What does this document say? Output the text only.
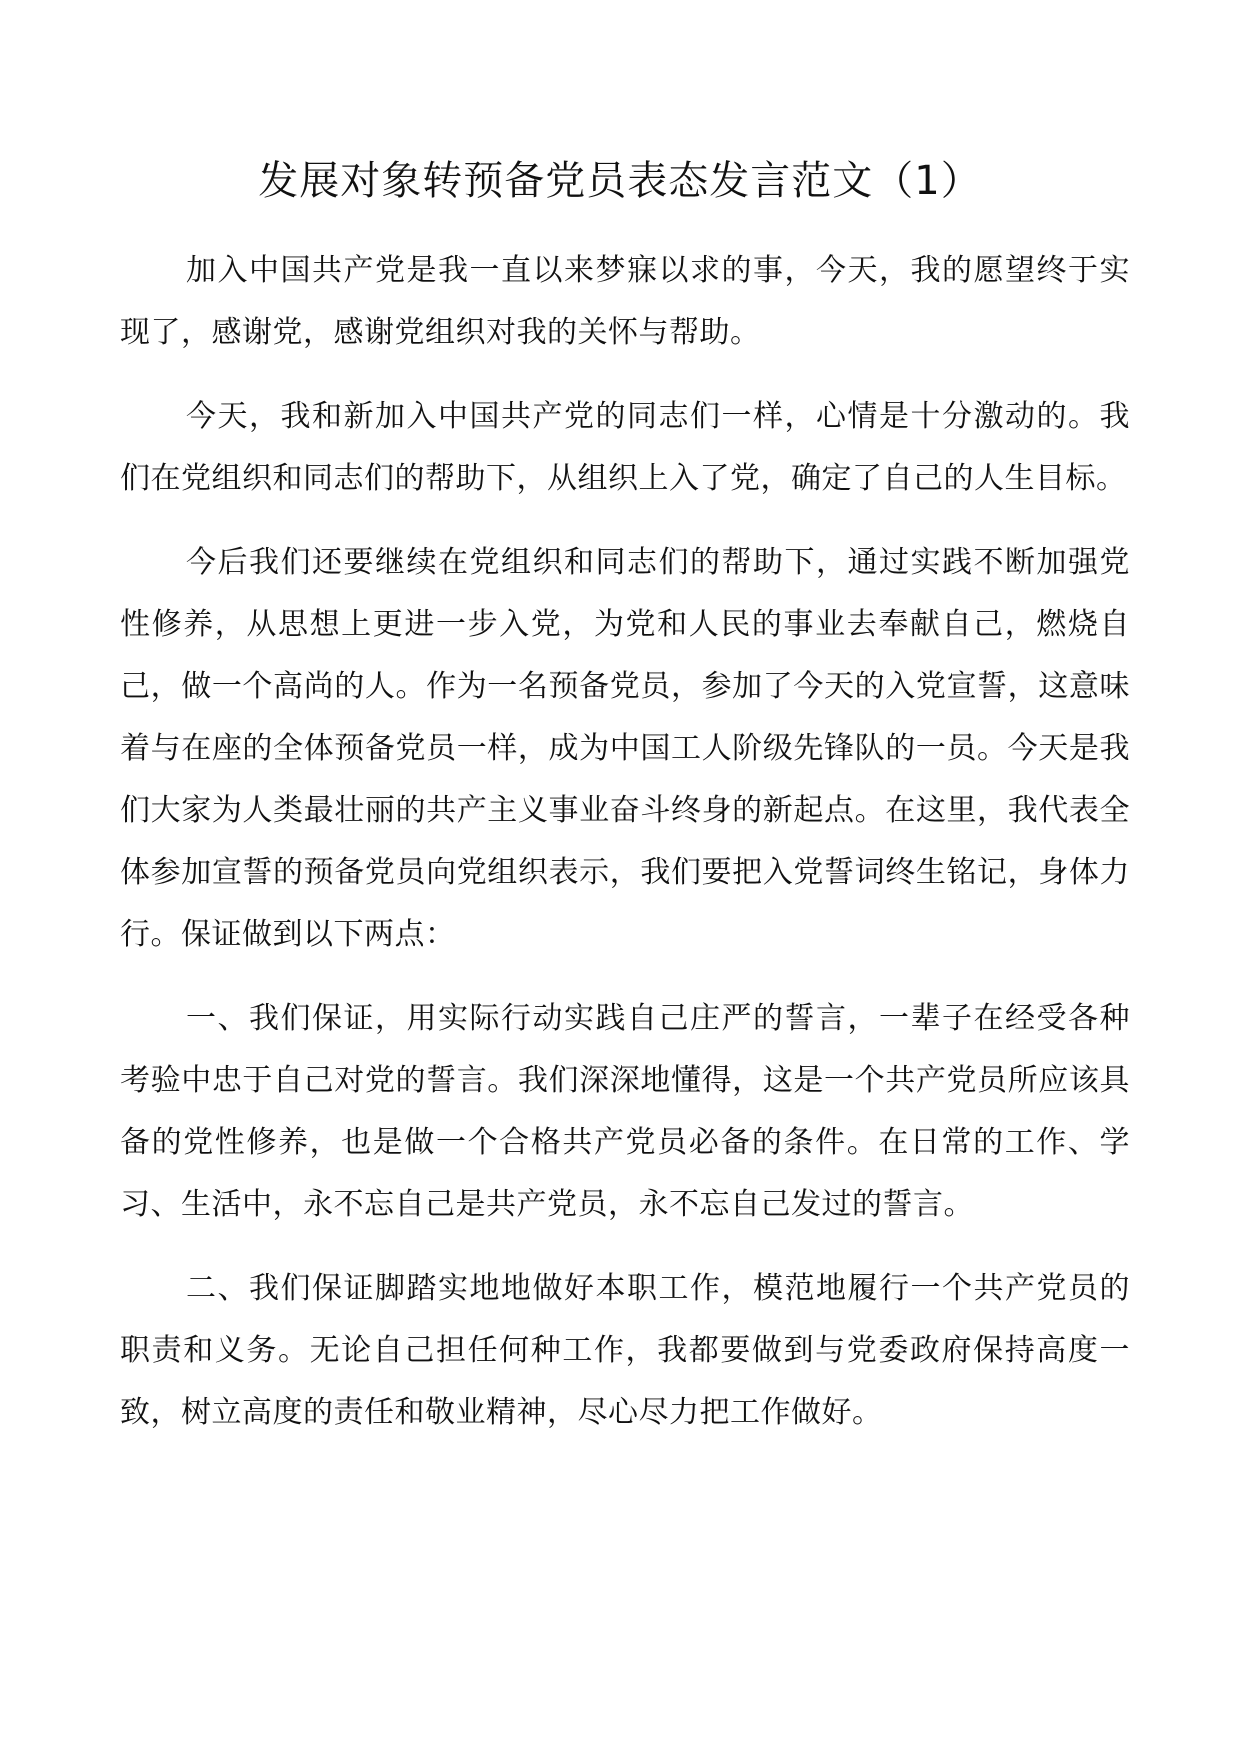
发展对象转预备党员表态发言范文（1）

加入中国共产党是我一直以来梦寐以求的事，今天，我的愿望终于实现了，感谢党，感谢党组织对我的关怀与帮助。

今天，我和新加入中国共产党的同志们一样，心情是十分激动的。我们在党组织和同志们的帮助下，从组织上入了党，确定了自己的人生目标。

今后我们还要继续在党组织和同志们的帮助下，通过实践不断加强党性修养，从思想上更进一步入党，为党和人民的事业去奉献自己，燃烧自己，做一个高尚的人。作为一名预备党员，参加了今天的入党宣誓，这意味着与在座的全体预备党员一样，成为中国工人阶级先锋队的一员。今天是我们大家为人类最壮丽的共产主义事业奋斗终身的新起点。在这里，我代表全体参加宣誓的预备党员向党组织表示，我们要把入党誓词终生铭记，身体力行。保证做到以下两点：

一、我们保证，用实际行动实践自己庄严的誓言，一辈子在经受各种考验中忠于自己对党的誓言。我们深深地懂得，这是一个共产党员所应该具备的党性修养，也是做一个合格共产党员必备的条件。在日常的工作、学习、生活中，永不忘自己是共产党员，永不忘自己发过的誓言。

二、我们保证脚踏实地地做好本职工作，模范地履行一个共产党员的职责和义务。无论自己担任何种工作，我都要做到与党委政府保持高度一致，树立高度的责任和敬业精神，尽心尽力把工作做好。
